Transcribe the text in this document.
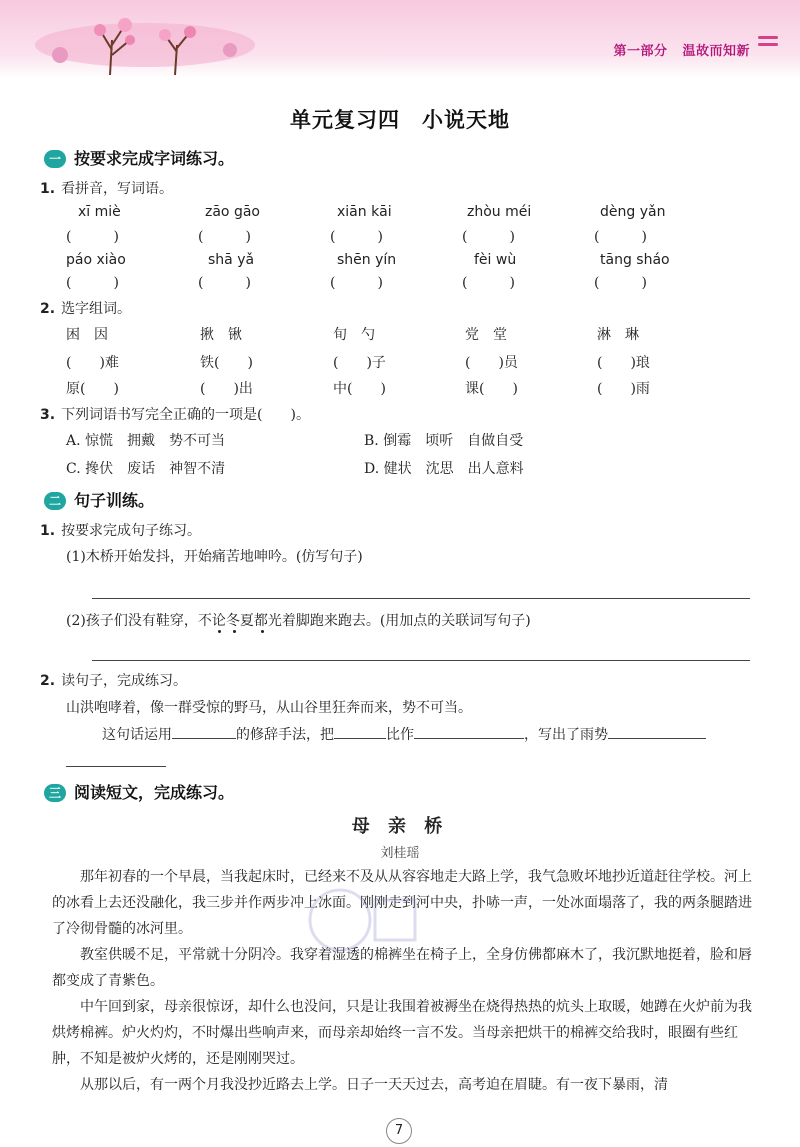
第一部分 温故而知新
单元复习四　小说天地
一 按要求完成字词练习。
1. 看拼音，写词语。
xī miè	zāo gāo	xiān kāi	zhòu méi	dèng yǎn
(　　　)	(　　　)	(　　　)	(　　　)	(　　　)
páo xiào	shā yǎ	shēn yín	fèi wù	tāng sháo
(　　　)	(　　　)	(　　　)	(　　　)	(　　　)
2. 选字组词。
困　因	揪　锹	旬　勺	党　堂	淋　琳
(　　)难	铁(　　)	(　　)子	(　　)员	(　　)琅
原(　　)	(　　)出	中(　　)	课(　　)	(　　)雨
3. 下列词语书写完全正确的一项是(　　)。
A. 惊慌　拥戴　势不可当	B. 倒霉　顷听　自做自受
C. 搀伏　废话　神智不清	D. 健状　沈思　出人意料
二 句子训练。
1. 按要求完成句子练习。
(1)木桥开始发抖，开始痛苦地呻吟。(仿写句子)
(2)孩子们没有鞋穿，不论冬夏都光着脚跑来跑去。(用加点的关联词写句子)
2. 读句子，完成练习。
山洪咆哮着，像一群受惊的野马，从山谷里狂奔而来，势不可当。
这句话运用	的修辞手法，把	比作	，写出了雨势
三 阅读短文，完成练习。
母 亲 桥
刘桂瑶
那年初春的一个早晨，当我起床时，已经来不及从从容容地走大路上学，我气急败坏地抄近道赶往学校。河上的冰看上去还没融化，我三步并作两步冲上冰面。刚刚走到河中央，扑哧一声，一处冰面塌落了，我的两条腿踏进了冷彻骨髓的冰河里。
教室供暖不足，平常就十分阴冷。我穿着湿透的棉裤坐在椅子上，全身仿佛都麻木了，我沉默地挺着，脸和唇都变成了青紫色。
中午回到家，母亲很惊讶，却什么也没问，只是让我围着被褥坐在烧得热热的炕头上取暖，她蹲在火炉前为我烘烤棉裤。炉火灼灼，不时爆出些响声来，而母亲却始终一言不发。当母亲把烘干的棉裤交给我时，眼圈有些红肿，不知是被炉火烤的，还是刚刚哭过。
从那以后，有一两个月我没抄近路去上学。日子一天天过去，高考迫在眉睫。有一夜下暴雨，清
7
